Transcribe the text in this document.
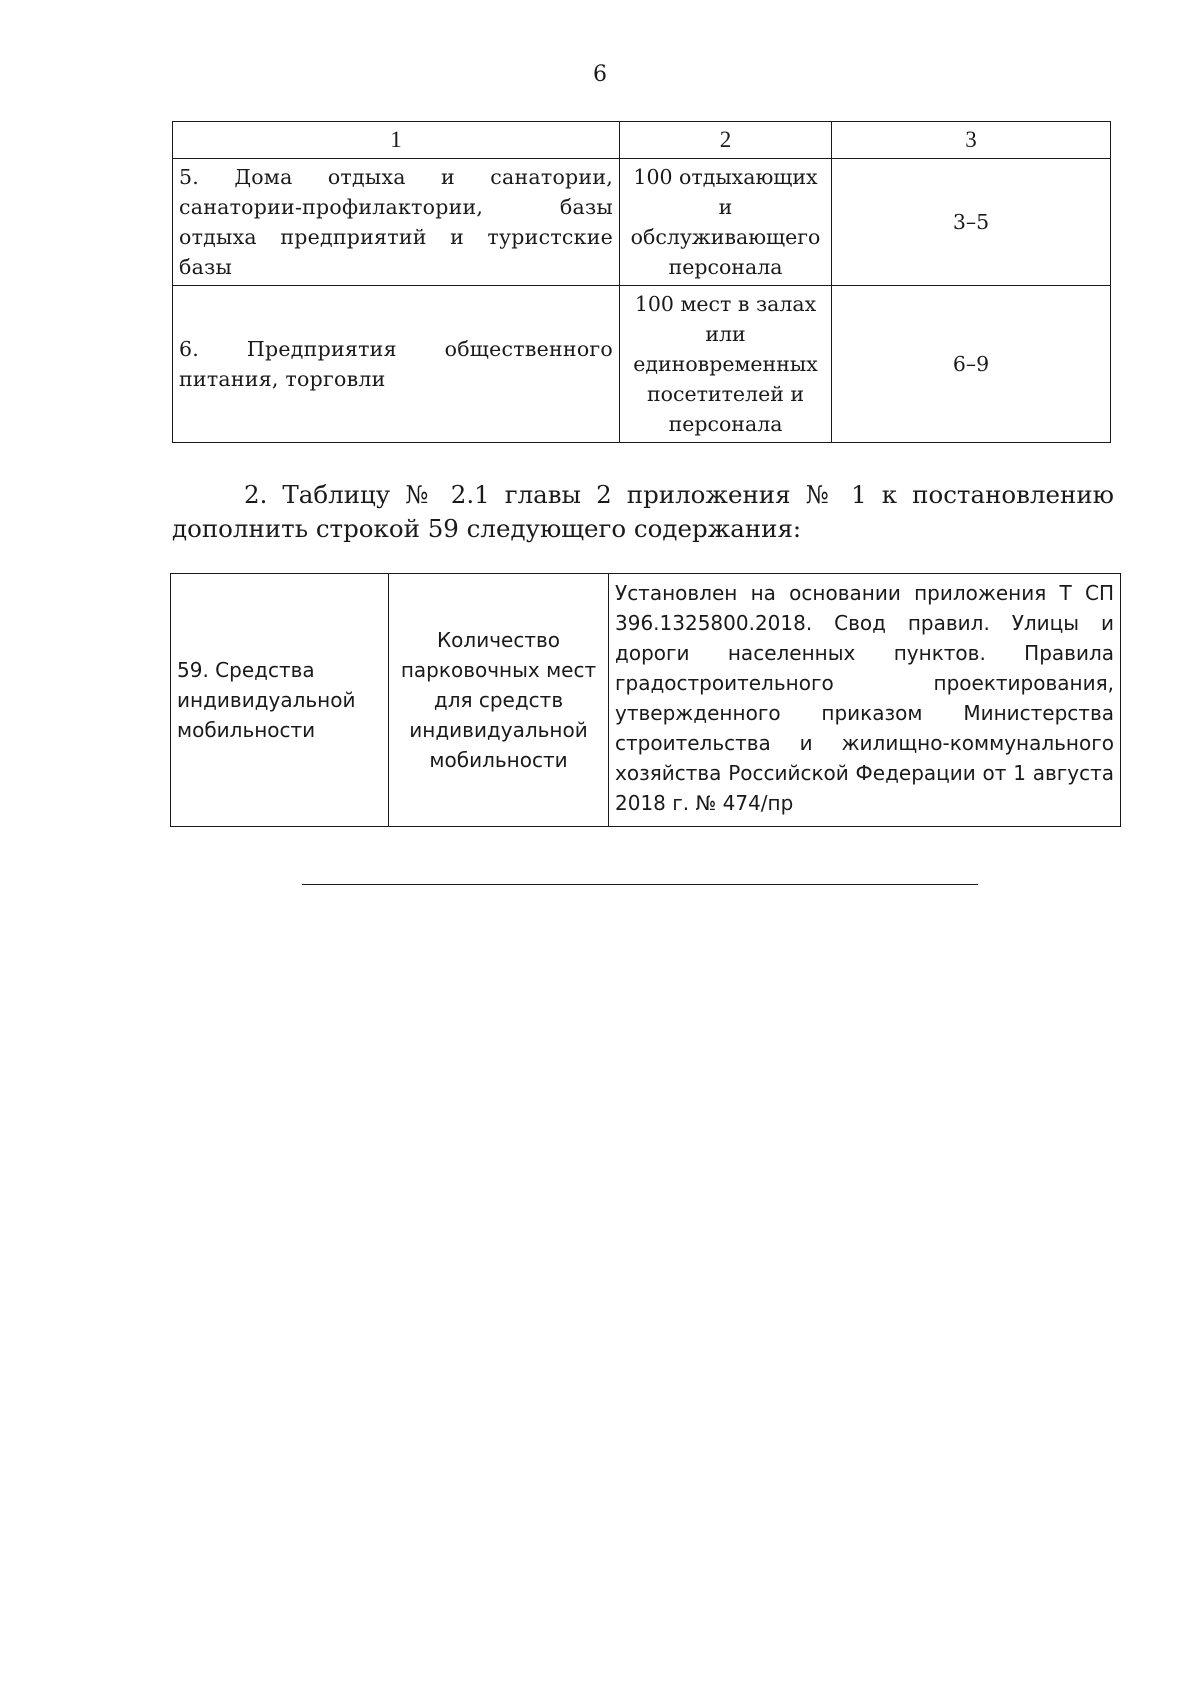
6
1	2	3
5. Дома отдыха и санатории, санатории-профилактории, базы отдыха предприятий и туристские базы	100 отдыхающих и обслуживающего персонала	3–5
6. Предприятия общественного питания, торговли	100 мест в залах или единовременных посетителей и персонала	6–9
2. Таблицу № 2.1 главы 2 приложения № 1 к постановлению дополнить строкой 59 следующего содержания:
59. Средства индивидуальной мобильности	Количество парковочных мест для средств индивидуальной мобильности	Установлен на основании приложения Т СП 396.1325800.2018. Свод правил. Улицы и дороги населенных пунктов. Правила градостроительного проектирования, утвержденного приказом Министерства строительства и жилищно-коммунального хозяйства Российской Федерации от 1 августа 2018 г. № 474/пр
